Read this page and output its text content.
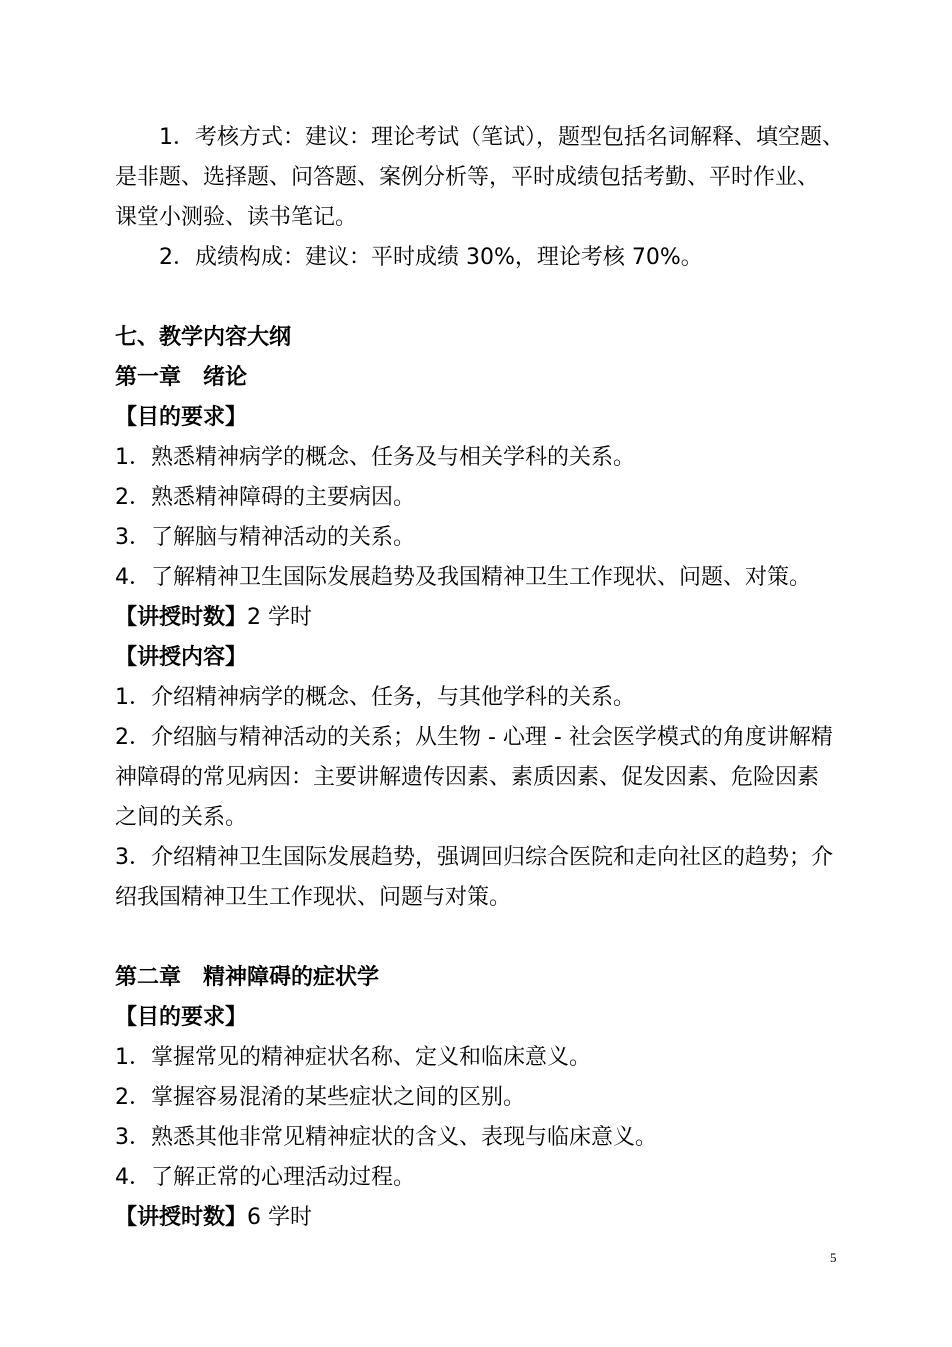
1．考核方式：建议：理论考试（笔试），题型包括名词解释、填空题、
是非题、选择题、问答题、案例分析等，平时成绩包括考勤、平时作业、
课堂小测验、读书笔记。
2．成绩构成：建议：平时成绩 30%，理论考核 70%。
七、教学内容大纲
第一章　绪论
【目的要求】
1．熟悉精神病学的概念、任务及与相关学科的关系。
2．熟悉精神障碍的主要病因。
3．了解脑与精神活动的关系。
4．了解精神卫生国际发展趋势及我国精神卫生工作现状、问题、对策。
【讲授时数】2 学时
【讲授内容】
1．介绍精神病学的概念、任务，与其他学科的关系。
2．介绍脑与精神活动的关系；从生物 - 心理 - 社会医学模式的角度讲解精
神障碍的常见病因：主要讲解遗传因素、素质因素、促发因素、危险因素
之间的关系。
3．介绍精神卫生国际发展趋势，强调回归综合医院和走向社区的趋势；介
绍我国精神卫生工作现状、问题与对策。
第二章　精神障碍的症状学
【目的要求】
1．掌握常见的精神症状名称、定义和临床意义。
2．掌握容易混淆的某些症状之间的区别。
3．熟悉其他非常见精神症状的含义、表现与临床意义。
4．了解正常的心理活动过程。
【讲授时数】6 学时
5
